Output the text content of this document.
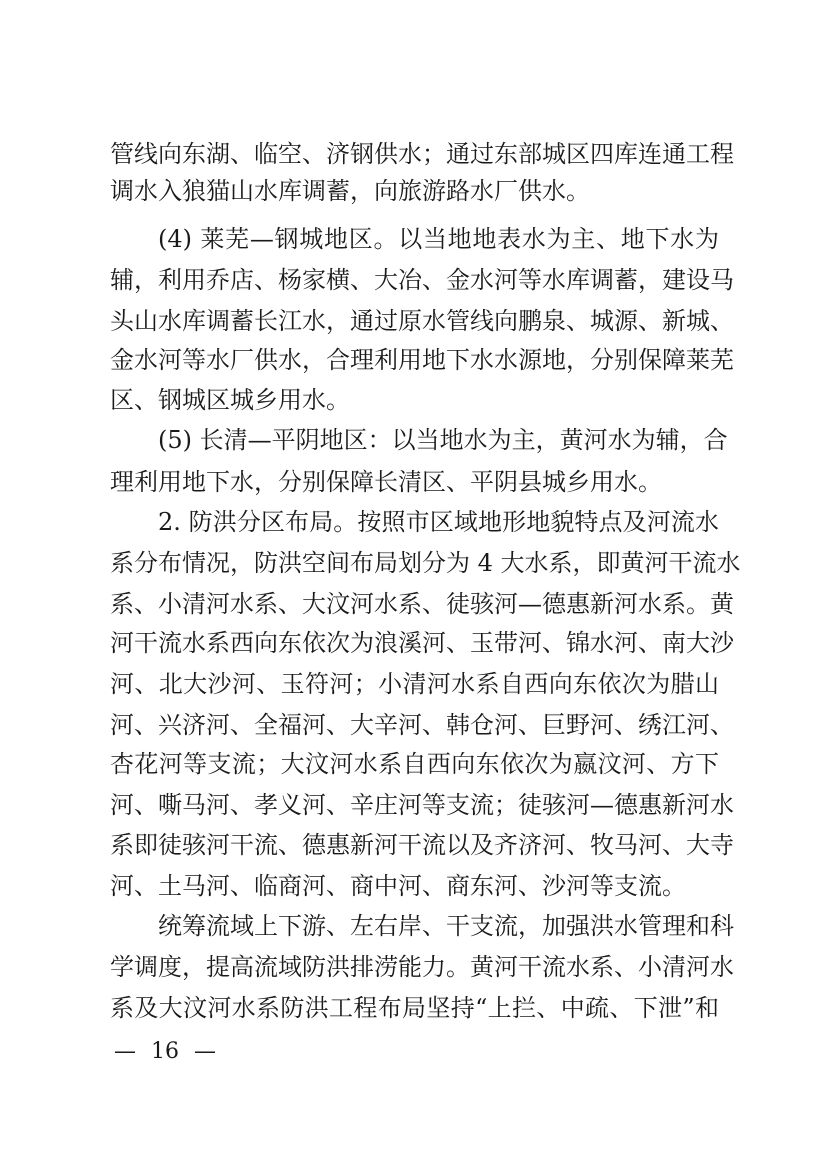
管线向东湖、临空、济钢供水；通过东部城区四库连通工程
调水入狼猫山水库调蓄，向旅游路水厂供水。
(4) 莱芜—钢城地区。以当地地表水为主、地下水为
辅，利用乔店、杨家横、大冶、金水河等水库调蓄，建设马
头山水库调蓄长江水，通过原水管线向鹏泉、城源、新城、
金水河等水厂供水，合理利用地下水水源地，分别保障莱芜
区、钢城区城乡用水。
(5) 长清—平阴地区：以当地水为主，黄河水为辅，合
理利用地下水，分别保障长清区、平阴县城乡用水。
2. 防洪分区布局。按照市区域地形地貌特点及河流水
系分布情况，防洪空间布局划分为 4 大水系，即黄河干流水
系、小清河水系、大汶河水系、徒骇河—德惠新河水系。黄
河干流水系西向东依次为浪溪河、玉带河、锦水河、南大沙
河、北大沙河、玉符河；小清河水系自西向东依次为腊山
河、兴济河、全福河、大辛河、韩仓河、巨野河、绣江河、
杏花河等支流；大汶河水系自西向东依次为嬴汶河、方下
河、嘶马河、孝义河、辛庄河等支流；徒骇河—德惠新河水
系即徒骇河干流、德惠新河干流以及齐济河、牧马河、大寺
河、土马河、临商河、商中河、商东河、沙河等支流。
统筹流域上下游、左右岸、干支流，加强洪水管理和科
学调度，提高流域防洪排涝能力。黄河干流水系、小清河水
系及大汶河水系防洪工程布局坚持“上拦、中疏、下泄”和
— 16 —
